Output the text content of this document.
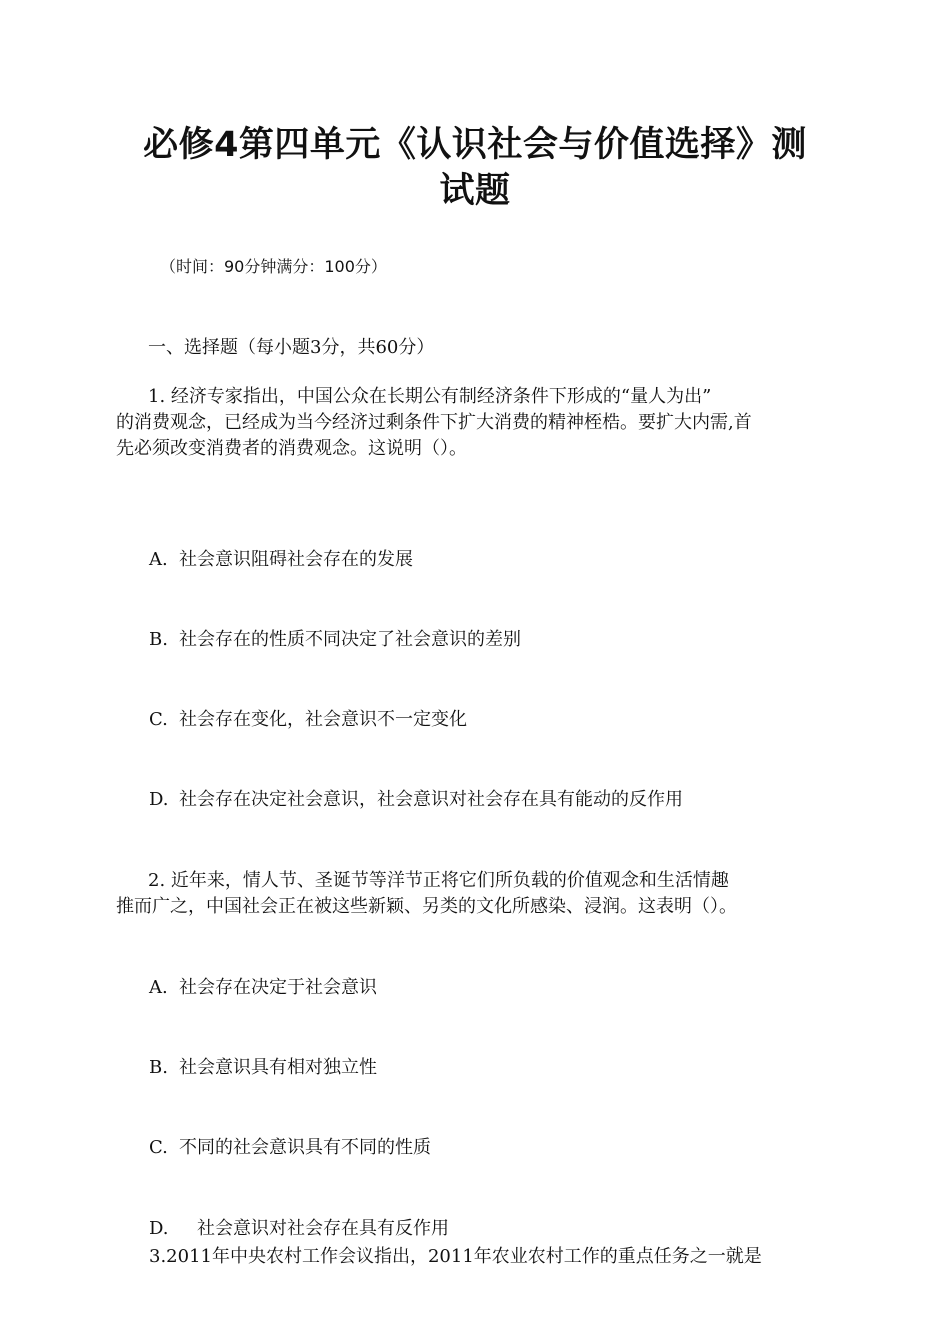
必修4第四单元《认识社会与价值选择》测
试题
（时间：90分钟满分：100分）
一、选择题（每小题3分，共60分）
1. 经济专家指出，中国公众在长期公有制经济条件下形成的“量人为出”
的消费观念，已经成为当今经济过剩条件下扩大消费的精神桎梏。要扩大内需,首
先必须改变消费者的消费观念。这说明（）。
A. 社会意识阻碍社会存在的发展
B. 社会存在的性质不同决定了社会意识的差别
C. 社会存在变化，社会意识不一定变化
D. 社会存在决定社会意识，社会意识对社会存在具有能动的反作用
2. 近年来，情人节、圣诞节等洋节正将它们所负载的价值观念和生活情趣
推而广之，中国社会正在被这些新颖、另类的文化所感染、浸润。这表明（）。
A. 社会存在决定于社会意识
B. 社会意识具有相对独立性
C. 不同的社会意识具有不同的性质
D. 社会意识对社会存在具有反作用
3.2011年中央农村工作会议指出，2011年农业农村工作的重点任务之一就是
